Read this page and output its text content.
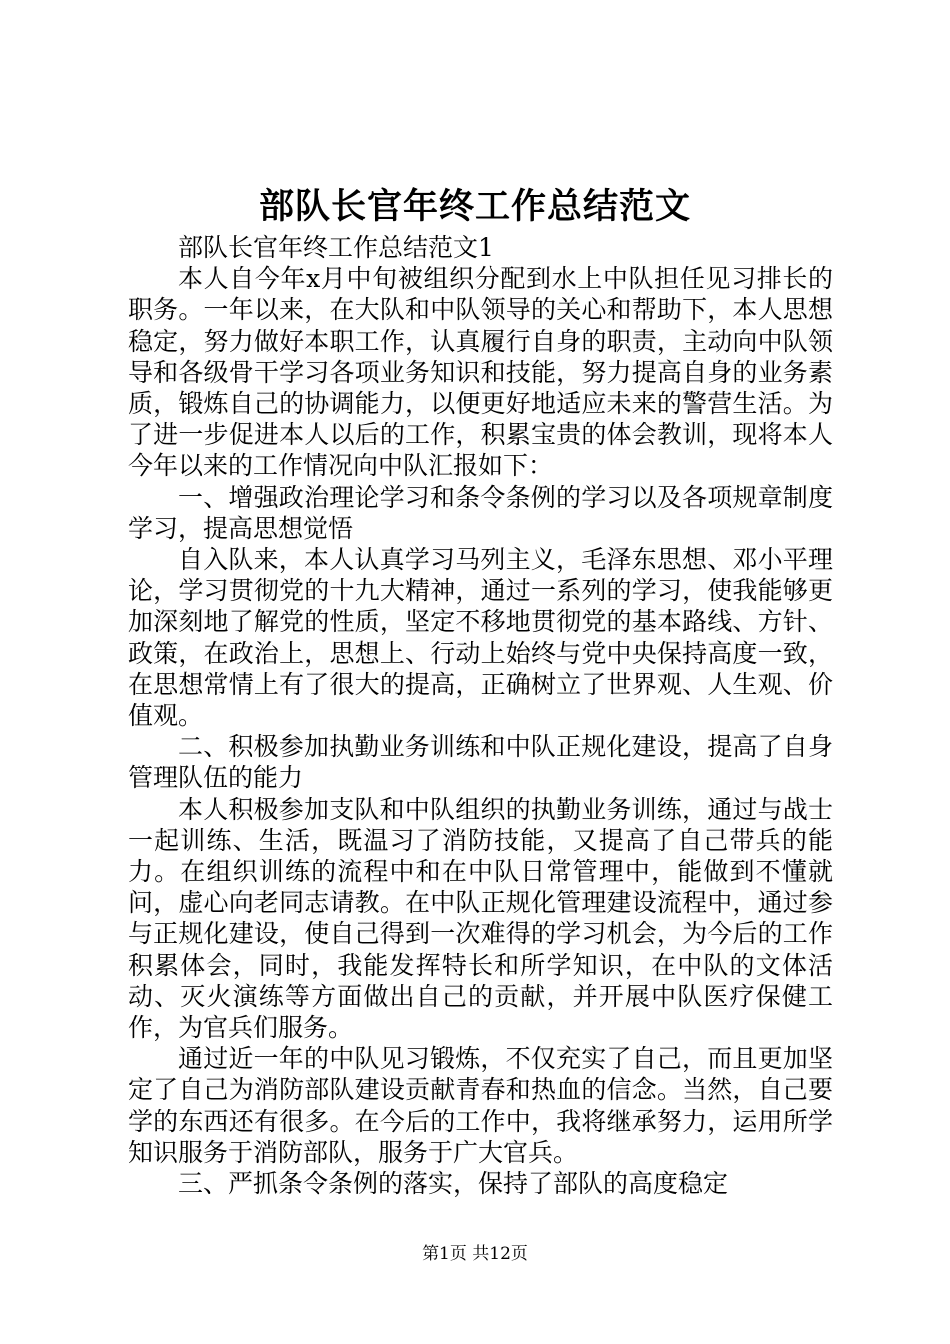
部队长官年终工作总结范文

部队长官年终工作总结范文1

本人自今年x月中旬被组织分配到水上中队担任见习排长的职务。一年以来，在大队和中队领导的关心和帮助下，本人思想稳定，努力做好本职工作，认真履行自身的职责，主动向中队领导和各级骨干学习各项业务知识和技能，努力提高自身的业务素质，锻炼自己的协调能力，以便更好地适应未来的警营生活。为了进一步促进本人以后的工作，积累宝贵的体会教训，现将本人今年以来的工作情况向中队汇报如下：

一、增强政治理论学习和条令条例的学习以及各项规章制度学习，提高思想觉悟

自入队来，本人认真学习马列主义，毛泽东思想、邓小平理论，学习贯彻党的十九大精神，通过一系列的学习，使我能够更加深刻地了解党的性质，坚定不移地贯彻党的基本路线、方针、政策，在政治上，思想上、行动上始终与党中央保持高度一致，在思想常情上有了很大的提高，正确树立了世界观、人生观、价值观。

二、积极参加执勤业务训练和中队正规化建设，提高了自身管理队伍的能力

本人积极参加支队和中队组织的执勤业务训练，通过与战士一起训练、生活，既温习了消防技能，又提高了自己带兵的能力。在组织训练的流程中和在中队日常管理中，能做到不懂就问，虚心向老同志请教。在中队正规化管理建设流程中，通过参与正规化建设，使自己得到一次难得的学习机会，为今后的工作积累体会，同时，我能发挥特长和所学知识，在中队的文体活动、灭火演练等方面做出自己的贡献，并开展中队医疗保健工作，为官兵们服务。

通过近一年的中队见习锻炼，不仅充实了自己，而且更加坚定了自己为消防部队建设贡献青春和热血的信念。当然，自己要学的东西还有很多。在今后的工作中，我将继承努力，运用所学知识服务于消防部队，服务于广大官兵。

三、严抓条令条例的落实，保持了部队的高度稳定

第1页 共12页
